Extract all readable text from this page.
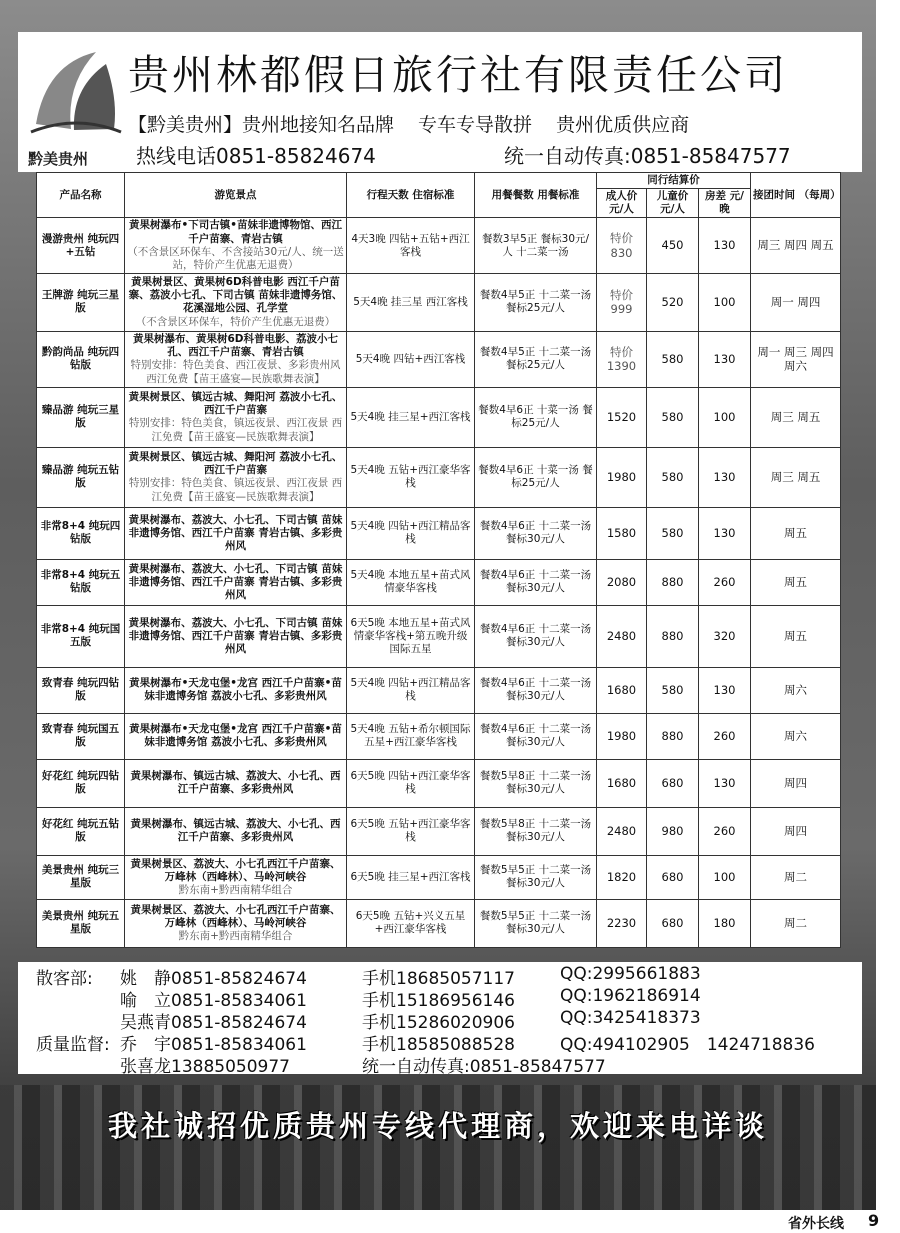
黔美贵州
贵州林都假日旅行社有限责任公司
【黔美贵州】贵州地接知名品牌 专车专导散拼 贵州优质供应商
热线电话0851-85824674	统一自动传真:0851-85847577
产品名称	游览景点	行程天数 住宿标准	用餐餐数 用餐标准	同行结算价			接团时间 （每周）
				成人价 元/人	儿童价 元/人	房差 元/晚	

漫游贵州 纯玩四+五钻	黄果树瀑布•下司古镇•苗妹非遗博物馆、西江千户苗寨、青岩古镇
（不含景区环保车、不含接站30元/人、统一送站，特价产生优惠无退费）	4天3晚 四钻+五钻+西江客栈	餐数3早5正 餐标30元/人 十二菜一汤	特价 830	450	130	周三 周四 周五

王牌游 纯玩三星版	黄果树景区、黄果树6D科普电影 西江千户苗寨、荔波小七孔、下司古镇 苗妹非遗博务馆、花溪湿地公园、孔学堂
（不含景区环保车，特价产生优惠无退费）	5天4晚 挂三星 西江客栈	餐数4早5正 十二菜一汤 餐标25元/人	特价 999	520	100	周一 周四

黔韵尚品 纯玩四钻版	黄果树瀑布、黄果树6D科普电影、荔波小七孔、西江千户苗寨、青岩古镇
特别安排：特色美食、西江夜景、多彩贵州风 西江免费【苗王盛宴—民族歌舞表演】	5天4晚 四钻+西江客栈	餐数4早5正 十二菜一汤 餐标25元/人	特价 1390	580	130	周一 周三 周四 周六

臻品游 纯玩三星版	黄果树景区、镇远古城、舞阳河 荔波小七孔、西江千户苗寨
特别安排：特色美食，镇远夜景、西江夜景 西江免费【苗王盛宴—民族歌舞表演】	5天4晚 挂三星+西江客栈	餐数4早6正 十菜一汤 餐标25元/人	1520	580	100	周三 周五

臻品游 纯玩五钻版	黄果树景区、镇远古城、舞阳河 荔波小七孔、西江千户苗寨
特别安排：特色美食、镇远夜景、西江夜景 西江免费【苗王盛宴—民族歌舞表演】	5天4晚 五钻+西江豪华客栈	餐数4早6正 十菜一汤 餐标25元/人	1980	580	130	周三 周五

非常8+4 纯玩四钻版	黄果树瀑布、荔波大、小七孔、下司古镇 苗妹非遗博务馆、西江千户苗寨 青岩古镇、多彩贵州风	5天4晚 四钻+西江精品客栈	餐数4早6正 十二菜一汤 餐标30元/人	1580	580	130	周五

非常8+4 纯玩五钻版	黄果树瀑布、荔波大、小七孔、下司古镇 苗妹非遗博务馆、西江千户苗寨 青岩古镇、多彩贵州风	5天4晚 本地五星+苗式风情豪华客栈	餐数4早6正 十二菜一汤 餐标30元/人	2080	880	260	周五

非常8+4 纯玩国五版	黄果树瀑布、荔波大、小七孔、下司古镇 苗妹非遗博务馆、西江千户苗寨 青岩古镇、多彩贵州风	6天5晚 本地五星+苗式风情豪华客栈+第五晚升级国际五星	餐数4早6正 十二菜一汤 餐标30元/人	2480	880	320	周五

致青春 纯玩四钻版	黄果树瀑布•天龙屯堡•龙宫 西江千户苗寨•苗妹非遗博务馆 荔波小七孔、多彩贵州风	5天4晚 四钻+西江精品客栈	餐数4早6正 十二菜一汤 餐标30元/人	1680	580	130	周六

致青春 纯玩国五版	黄果树瀑布•天龙屯堡•龙宫 西江千户苗寨•苗妹非遗博务馆 荔波小七孔、多彩贵州风	5天4晚 五钻+希尔顿国际五星+西江豪华客栈	餐数4早6正 十二菜一汤 餐标30元/人	1980	880	260	周六

好花红 纯玩四钻版	黄果树瀑布、镇远古城、荔波大、小七孔、西江千户苗寨、多彩贵州风	6天5晚 四钻+西江豪华客栈	餐数5早8正 十二菜一汤 餐标30元/人	1680	680	130	周四

好花红 纯玩五钻版	黄果树瀑布、镇远古城、荔波大、小七孔、西江千户苗寨、多彩贵州风	6天5晚 五钻+西江豪华客栈	餐数5早8正 十二菜一汤 餐标30元/人	2480	980	260	周四

美景贵州 纯玩三星版	黄果树景区、荔波大、小七孔西江千户苗寨、万峰林（西峰林）、马岭河峡谷
黔东南+黔西南精华组合	6天5晚 挂三星+西江客栈	餐数5早5正 十二菜一汤 餐标30元/人	1820	680	100	周二

美景贵州 纯玩五星版	黄果树景区、荔波大、小七孔西江千户苗寨、万峰林（西峰林）、马岭河峡谷
黔东南+黔西南精华组合	6天5晚 五钻+兴义五星+西江豪华客栈	餐数5早5正 十二菜一汤 餐标30元/人	2230	680	180	周二
散客部: 姚　静0851-85824674	手机18685057117	QQ:2995661883
喻　立0851-85834061	手机15186956146	QQ:1962186914
吴燕青0851-85824674	手机15286020906	QQ:3425418373
质量监督: 乔　宇0851-85834061	手机18585088528	QQ:494102905　1424718836
张喜龙13885050977	统一自动传真:0851-85847577
我社诚招优质贵州专线代理商，欢迎来电详谈
省外长线 9
